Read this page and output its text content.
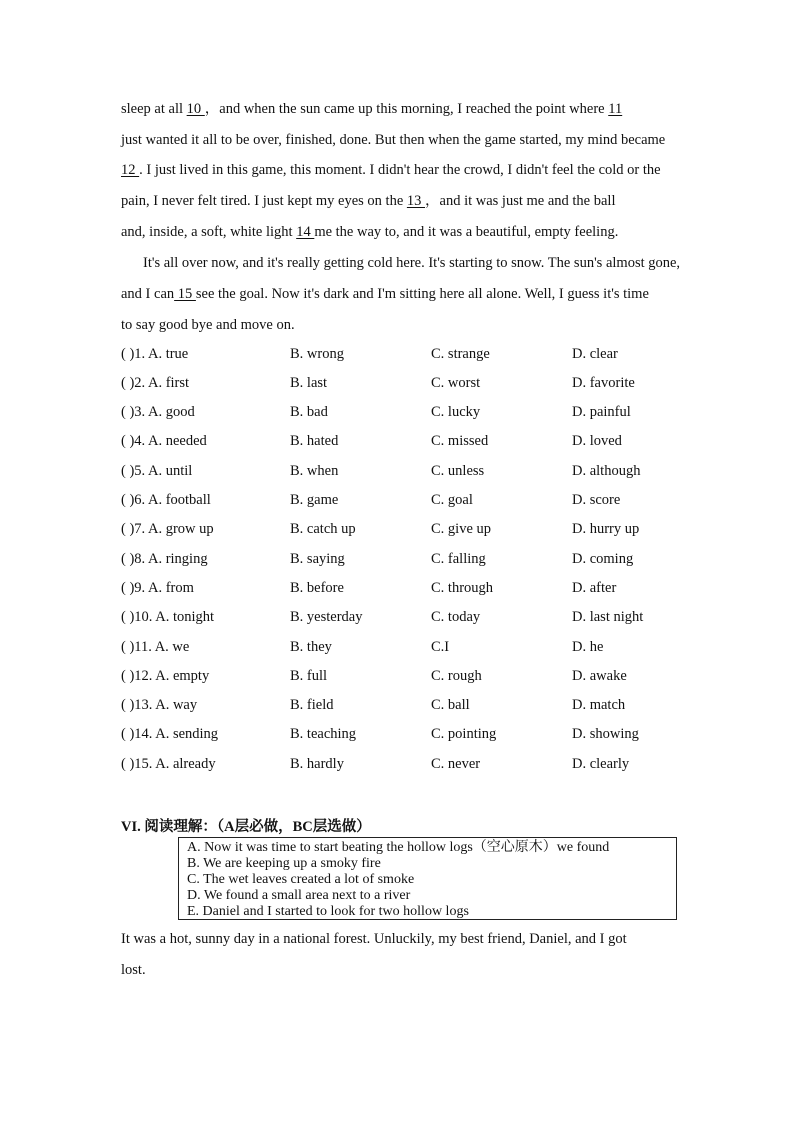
sleep at all 10 ，and when the sun came up this morning, I reached the point where 11
just wanted it all to be over, finished, done. But then when the game started, my mind became
12 . I just lived in this game, this moment. I didn't hear the crowd, I didn't feel the cold or the
pain, I never felt tired. I just kept my eyes on the 13 ，and it was just me and the ball
and, inside, a soft, white light 14 me the way to, and it was a beautiful, empty feeling.
It's all over now, and it's really getting cold here. It's starting to snow. The sun's almost gone,
and I can 15 see the goal. Now it's dark and I'm sitting here all alone. Well, I guess it's time
to say good bye and move on.
( )1. A. true	B. wrong	C. strange	D. clear
( )2. A. first	B. last	C. worst	D. favorite
( )3. A. good	B. bad	C. lucky	D. painful
( )4. A. needed	B. hated	C. missed	D. loved
( )5. A. until	B. when	C. unless	D. although
( )6. A. football	B. game	C. goal	D. score
( )7. A. grow up	B. catch up	C. give up	D. hurry up
( )8. A. ringing	B. saying	C. falling	D. coming
( )9. A. from	B. before	C. through	D. after
( )10. A. tonight	B. yesterday	C. today	D. last night
( )11. A. we	B. they	C.I	D. he
( )12. A. empty	B. full	C. rough	D. awake
( )13. A. way	B. field	C. ball	D. match
( )14. A. sending	B. teaching	C. pointing	D. showing
( )15. A. already	B. hardly	C. never	D. clearly
VI. 阅读理解：（A层必做，BC层选做）
A. Now it was time to start beating the hollow logs（空心原木）we found
B. We are keeping up a smoky fire
C. The wet leaves created a lot of smoke
D. We found a small area next to a river
E. Daniel and I started to look for two hollow logs
It was a hot, sunny day in a national forest. Unluckily, my best friend, Daniel, and I got
lost.
